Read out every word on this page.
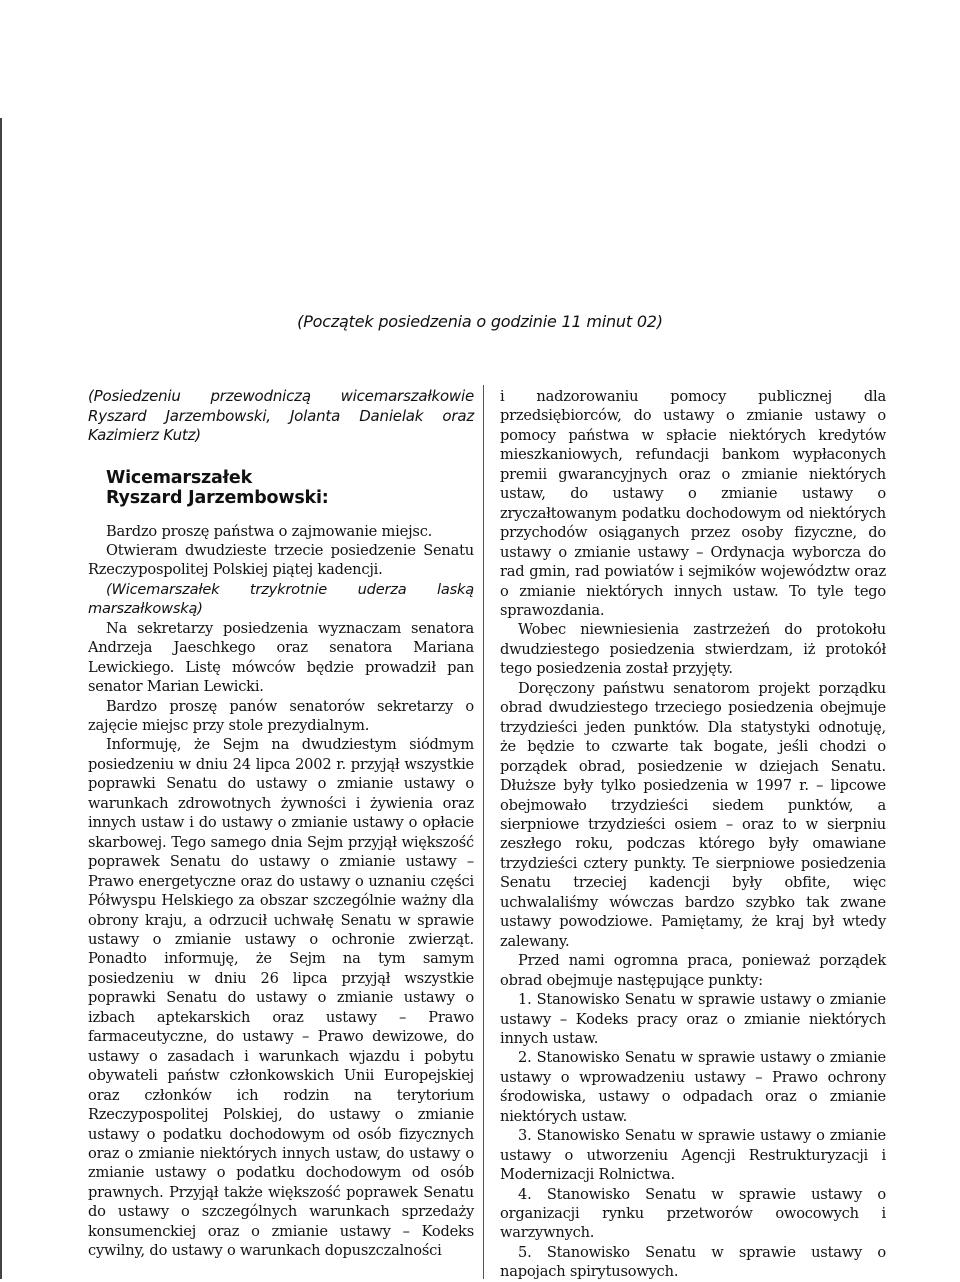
(Początek posiedzenia o godzinie 11 minut 02)

(Posiedzeniu przewodniczą wicemarszałkowie Ryszard Jarzembowski, Jolanta Danielak oraz Kazimierz Kutz)

Wicemarszałek
Ryszard Jarzembowski:

Bardzo proszę państwa o zajmowanie miejsc.

Otwieram dwudzieste trzecie posiedzenie Senatu Rzeczypospolitej Polskiej piątej kadencji.

(Wicemarszałek trzykrotnie uderza laską marszałkowską)

Na sekretarzy posiedzenia wyznaczam senatora Andrzeja Jaeschkego oraz senatora Mariana Lewickiego. Listę mówców będzie prowadził pan senator Marian Lewicki.

Bardzo proszę panów senatorów sekretarzy o zajęcie miejsc przy stole prezydialnym.

Informuję, że Sejm na dwudziestym siódmym posiedzeniu w dniu 24 lipca 2002 r. przyjął wszystkie poprawki Senatu do ustawy o zmianie ustawy o warunkach zdrowotnych żywności i żywienia oraz innych ustaw i do ustawy o zmianie ustawy o opłacie skarbowej. Tego samego dnia Sejm przyjął większość poprawek Senatu do ustawy o zmianie ustawy – Prawo energetyczne oraz do ustawy o uznaniu części Półwyspu Helskiego za obszar szczególnie ważny dla obrony kraju, a odrzucił uchwałę Senatu w sprawie ustawy o zmianie ustawy o ochronie zwierząt. Ponadto informuję, że Sejm na tym samym posiedzeniu w dniu 26 lipca przyjął wszystkie poprawki Senatu do ustawy o zmianie ustawy o izbach aptekarskich oraz ustawy – Prawo farmaceutyczne, do ustawy – Prawo dewizowe, do ustawy o zasadach i warunkach wjazdu i pobytu obywateli państw członkowskich Unii Europejskiej oraz członków ich rodzin na terytorium Rzeczypospolitej Polskiej, do ustawy o zmianie ustawy o podatku dochodowym od osób fizycznych oraz o zmianie niektórych innych ustaw, do ustawy o zmianie ustawy o podatku dochodowym od osób prawnych. Przyjął także większość poprawek Senatu do ustawy o szczególnych warunkach sprzedaży konsumenckiej oraz o zmianie ustawy – Kodeks cywilny, do ustawy o warunkach dopuszczalności

i nadzorowaniu pomocy publicznej dla przedsiębiorców, do ustawy o zmianie ustawy o pomocy państwa w spłacie niektórych kredytów mieszkaniowych, refundacji bankom wypłaconych premii gwarancyjnych oraz o zmianie niektórych ustaw, do ustawy o zmianie ustawy o zryczałtowanym podatku dochodowym od niektórych przychodów osiąganych przez osoby fizyczne, do ustawy o zmianie ustawy – Ordynacja wyborcza do rad gmin, rad powiatów i sejmików województw oraz o zmianie niektórych innych ustaw. To tyle tego sprawozdania.

Wobec niewniesienia zastrzeżeń do protokołu dwudziestego posiedzenia stwierdzam, iż protokół tego posiedzenia został przyjęty.

Doręczony państwu senatorom projekt porządku obrad dwudziestego trzeciego posiedzenia obejmuje trzydzieści jeden punktów. Dla statystyki odnotuję, że będzie to czwarte tak bogate, jeśli chodzi o porządek obrad, posiedzenie w dziejach Senatu. Dłuższe były tylko posiedzenia w 1997 r. – lipcowe obejmowało trzydzieści siedem punktów, a sierpniowe trzydzieści osiem – oraz to w sierpniu zeszłego roku, podczas którego były omawiane trzydzieści cztery punkty. Te sierpniowe posiedzenia Senatu trzeciej kadencji były obfite, więc uchwalaliśmy wówczas bardzo szybko tak zwane ustawy powodziowe. Pamiętamy, że kraj był wtedy zalewany.

Przed nami ogromna praca, ponieważ porządek obrad obejmuje następujące punkty:

1. Stanowisko Senatu w sprawie ustawy o zmianie ustawy – Kodeks pracy oraz o zmianie niektórych innych ustaw.

2. Stanowisko Senatu w sprawie ustawy o zmianie ustawy o wprowadzeniu ustawy – Prawo ochrony środowiska, ustawy o odpadach oraz o zmianie niektórych ustaw.

3. Stanowisko Senatu w sprawie ustawy o zmianie ustawy o utworzeniu Agencji Restrukturyzacji i Modernizacji Rolnictwa.

4. Stanowisko Senatu w sprawie ustawy o organizacji rynku przetworów owocowych i warzywnych.

5. Stanowisko Senatu w sprawie ustawy o napojach spirytusowych.
